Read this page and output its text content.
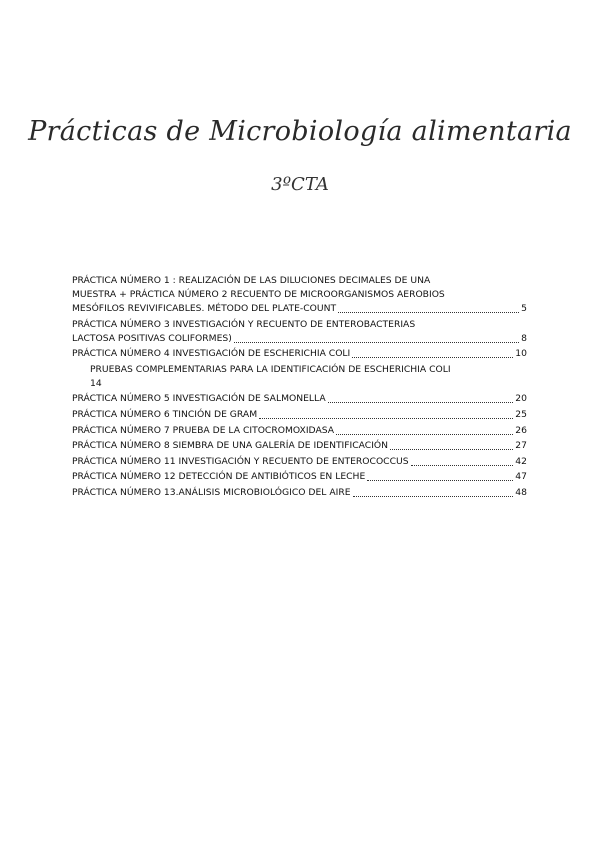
Prácticas de Microbiología alimentaria
3ºCTA
PRÁCTICA NÚMERO 1 : REALIZACIÓN DE LAS DILUCIONES DECIMALES DE UNA
MUESTRA + PRÁCTICA NÚMERO 2 RECUENTO DE MICROORGANISMOS AEROBIOS
MESÓFILOS REVIVIFICABLES. MÉTODO DEL PLATE-COUNT	5
PRÁCTICA NÚMERO 3 INVESTIGACIÓN Y RECUENTO DE ENTEROBACTERIAS
LACTOSA POSITIVAS COLIFORMES)	8
PRÁCTICA NÚMERO 4 INVESTIGACIÓN DE ESCHERICHIA COLI	10
PRUEBAS COMPLEMENTARIAS PARA LA IDENTIFICACIÓN DE ESCHERICHIA COLI
14
PRÁCTICA NÚMERO 5 INVESTIGACIÓN DE SALMONELLA	20
PRÁCTICA NÚMERO 6 TINCIÓN DE GRAM	25
PRÁCTICA NÚMERO 7 PRUEBA DE LA CITOCROMOXIDASA	26
PRÁCTICA NÚMERO 8 SIEMBRA DE UNA GALERÍA DE IDENTIFICACIÓN	27
PRÁCTICA NÚMERO 11 INVESTIGACIÓN Y RECUENTO DE ENTEROCOCCUS	42
PRÁCTICA NÚMERO 12 DETECCIÓN DE ANTIBIÓTICOS EN LECHE	47
PRÁCTICA NÚMERO 13.ANÁLISIS MICROBIOLÓGICO DEL AIRE	48
